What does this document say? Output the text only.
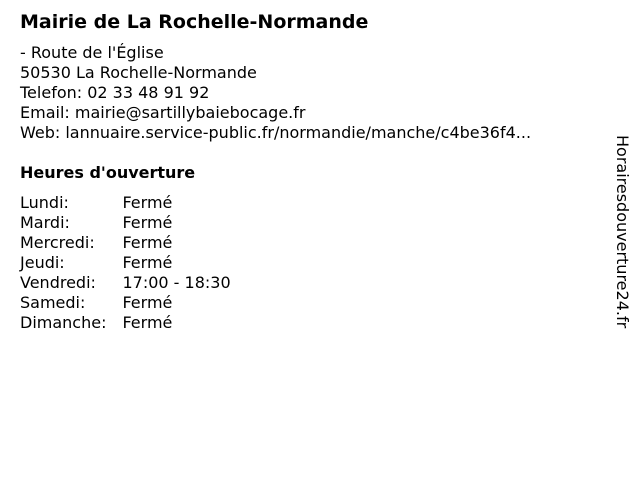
Mairie de La Rochelle-Normande
- Route de l'Église
50530 La Rochelle-Normande
Telefon: 02 33 48 91 92
Email: mairie@sartillybaiebocage.fr
Web: lannuaire.service-public.fr/normandie/manche/c4be36f4...
Heures d'ouverture
Lundi:	Fermé
Mardi:	Fermé
Mercredi:	Fermé
Jeudi:	Fermé
Vendredi:	17:00 - 18:30
Samedi:	Fermé
Dimanche:	Fermé	Horairesdouverture24.fr
